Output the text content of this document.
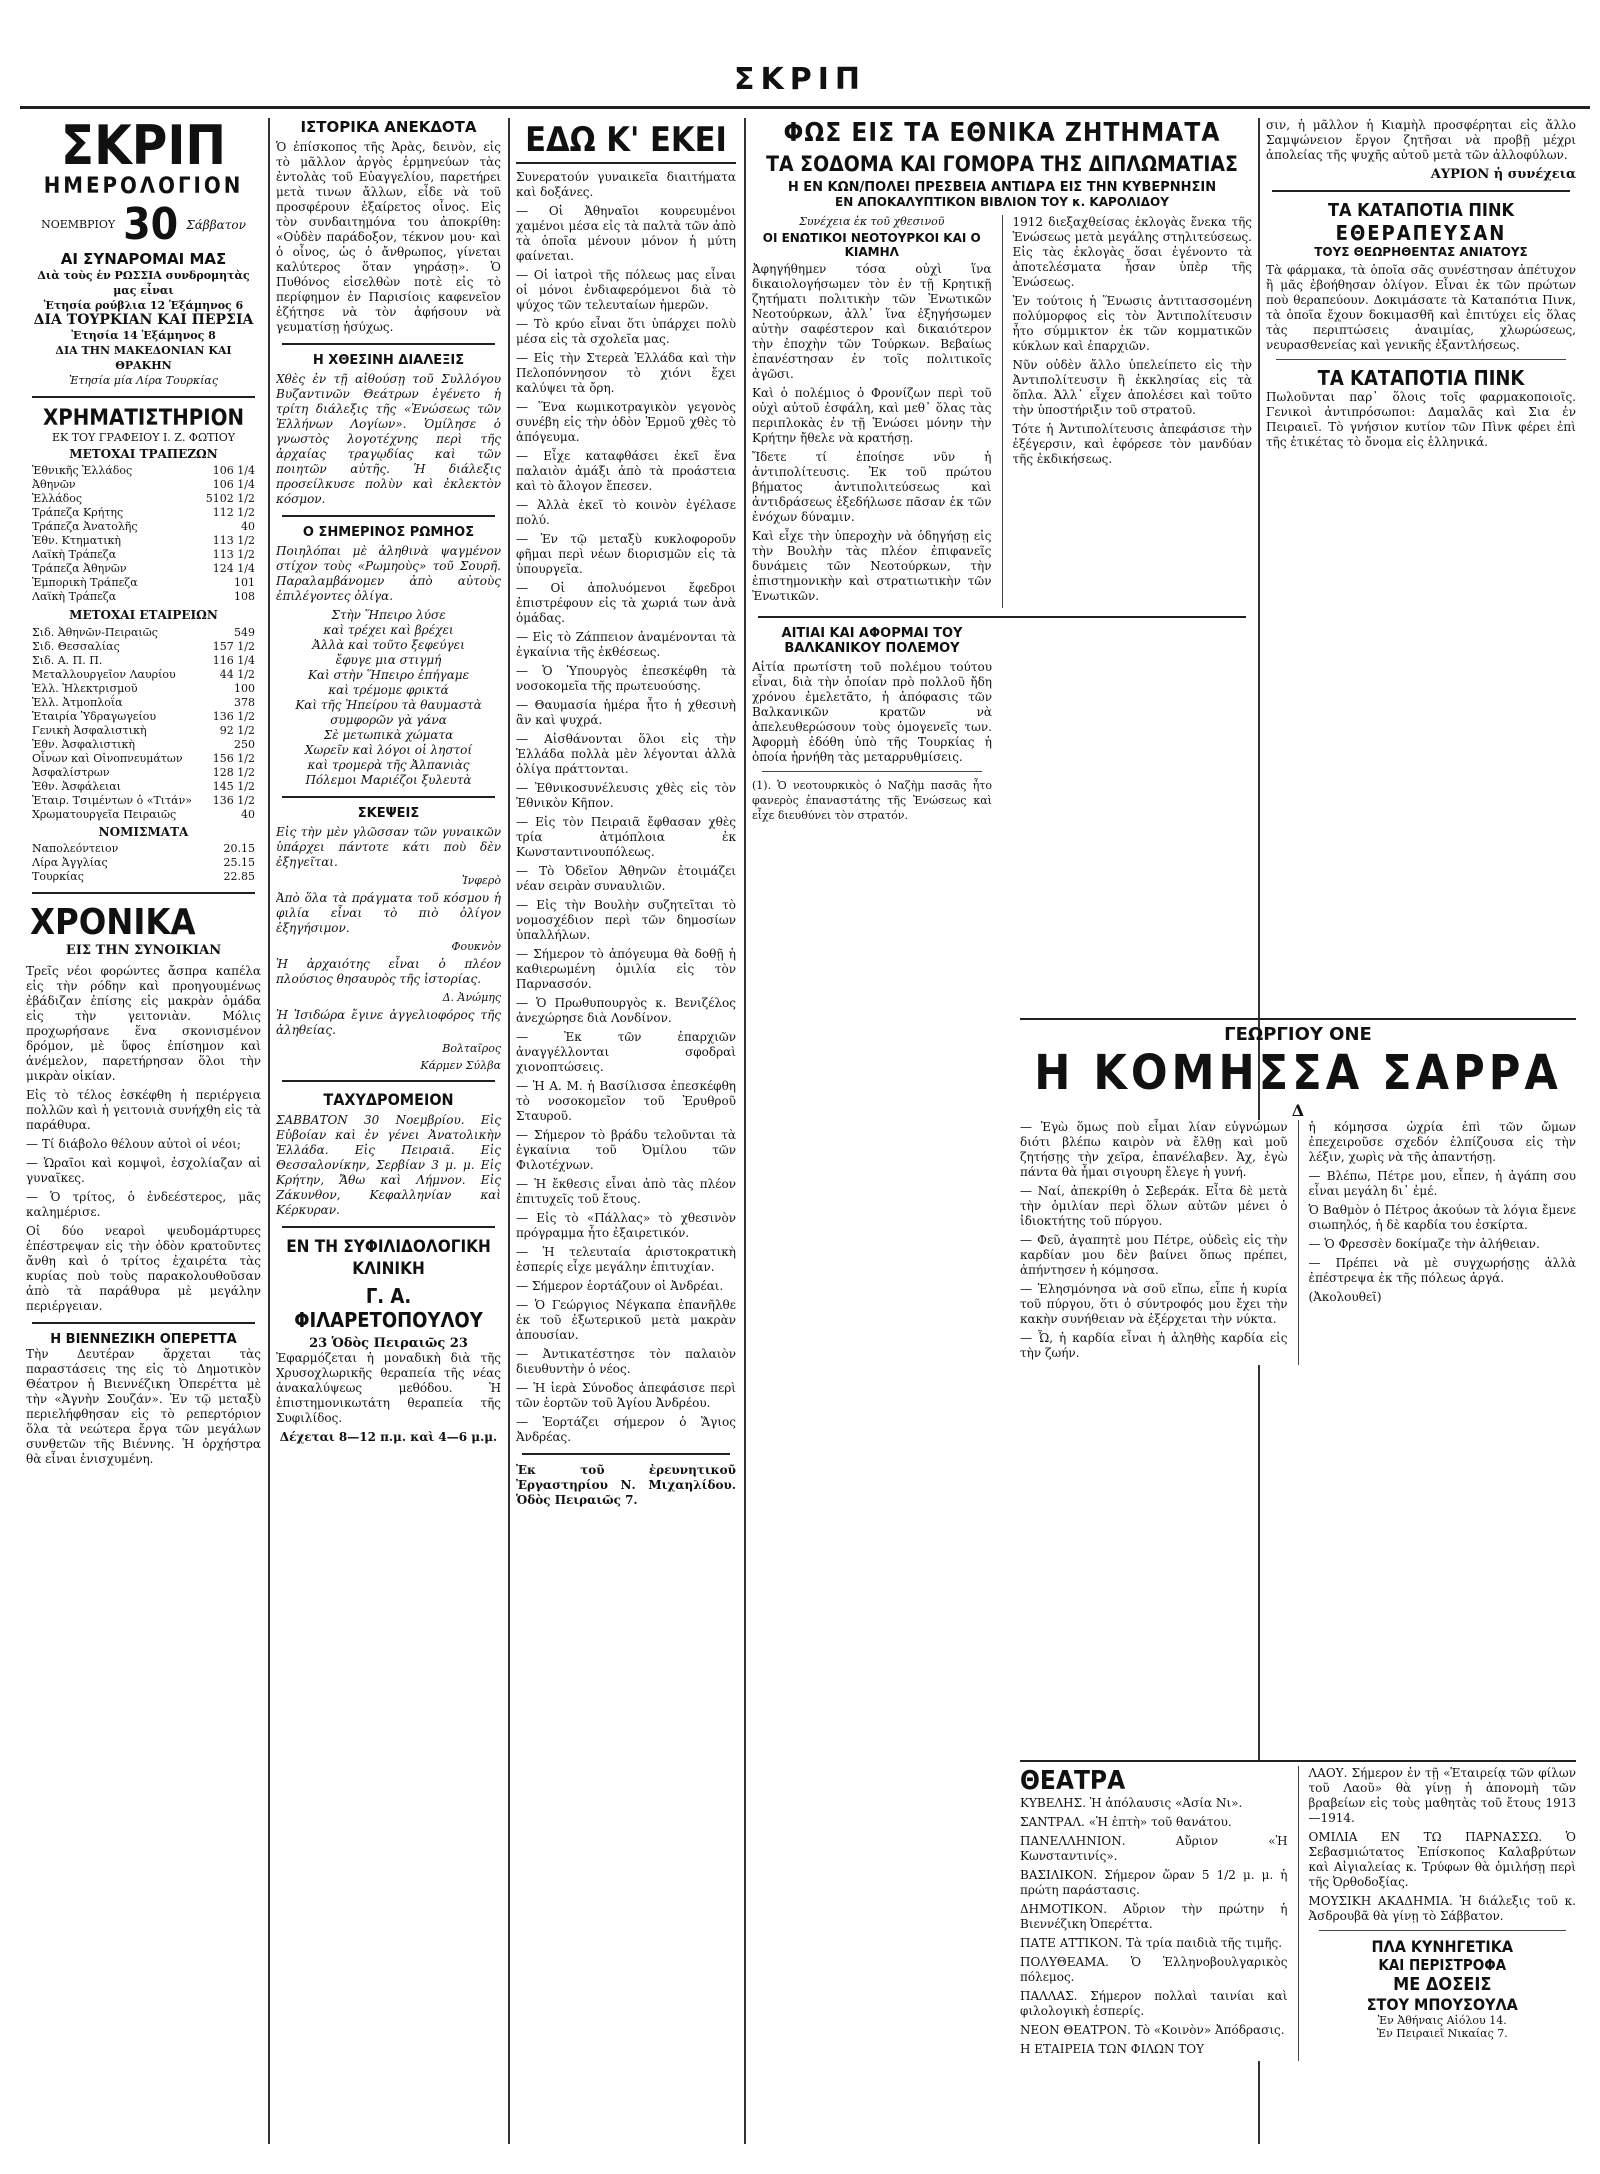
ΣΚΡΙΠ
ΣΚΡΙΠ
ΗΜΕΡΟΛΟΓΙΟΝ
ΝΟΕΜΒΡΙΟΥ 30 Σάββατον
ΑΙ ΣΥΝΑΡΟΜΑΙ ΜΑΣ
Διὰ τοὺς ἐν ΡΩΣΣΙΑ συνδρομητὰς μας εἶναι
Ἐτησία ρούβλια 12 Ἑξάμηνος 6
ΔΙΑ ΤΟΥΡΚΙΑΝ ΚΑΙ ΠΕΡΣΙΑ
Ἐτησία 14 Ἑξάμηνος 8
ΔΙΑ ΤΗΝ ΜΑΚΕΔΟΝΙΑΝ ΚΑΙ ΘΡΑΚΗΝ
Ἐτησία μία Λίρα Τουρκίας
ΧΡΗΜΑΤΙΣΤΗΡΙΟΝ
ΕΚ ΤΟΥ ΓΡΑΦΕΙΟΥ Ι. Ζ. ΦΩΤΙΟΥ
ΜΕΤΟΧΑΙ ΤΡΑΠΕΖΩΝ
Ἐθνικῆς Ἑλλάδος	106 1/4
Ἀθηνῶν	106 1/4
Ἑλλάδος	5102 1/2
Τράπεζα Κρήτης	112 1/2
Τράπεζα Ἀνατολῆς	40
Ἐθν. Κτηματικὴ	113 1/2
Λαϊκὴ Τράπεζα	113 1/2
Τράπεζα Ἀθηνῶν	124 1/4
Ἐμπορικὴ Τράπεζα	101
Λαϊκὴ Τράπεζα	108
ΜΕΤΟΧΑΙ ΕΤΑΙΡΕΙΩΝ
Σιδ. Ἀθηνῶν-Πειραιῶς	549
Σιδ. Θεσσαλίας	157 1/2
Σιδ. Α. Π. Π.	116 1/4
Μεταλλουργεῖον Λαυρίου	44 1/2
Ἑλλ. Ἠλεκτρισμοῦ	100
Ἑλλ. Ἀτμοπλοΐα	378
Ἑταιρία Ὑδραγωγείου	136 1/2
Γενικὴ Ἀσφαλιστικὴ	92 1/2
Ἐθν. Ἀσφαλιστικὴ	250
Οἶνων καὶ Οἰνοπνευμάτων	156 1/2
Ἀσφαλίστρων	128 1/2
Ἐθν. Ἀσφάλειαι	145 1/2
Ἐταιρ. Τσιμέντων ὁ «Τιτάν» 136 1/2
Χρωματουργεῖα Πειραιῶς	40
ΝΟΜΙΣΜΑΤΑ
Ναπολεόντειον	20.15
Λίρα Ἀγγλίας	25.15
Τουρκίας	22.85
ΧΡΟΝΙΚΑ
ΕΙΣ ΤΗΝ ΣΥΝΟΙΚΙΑΝ

Τρεῖς νέοι φορώντες ἄσπρα καπέλα εἰς τὴν ρόδην καὶ προηγουμένως ἐβάδιζαν ἐπίσης εἰς μακρὰν ὁμάδα εἰς τὴν γειτονιὰν. Μόλις προχωρήσανε ἕνα σκονισμένον δρόμον, μὲ ὕφος ἐπίσημον καὶ ἀνέμελον, παρετήρησαν ὅλοι τὴν μικρὰν οἰκίαν.

Εἰς τὸ τέλος ἐσκέφθη ἡ περιέργεια πολλῶν καὶ ἡ γειτονιὰ συνήχθη εἰς τὰ παράθυρα.

— Τί διάβολο θέλουν αὐτοὶ οἱ νέοι;

— Ὡραῖοι καὶ κομψοὶ, ἐσχολίαζαν αἱ γυναῖκες.

— Ὁ τρίτος, ὁ ἐνδεέστερος, μᾶς καλημέρισε.

Οἱ δύο νεαροὶ ψευδομάρτυρες ἐπέστρεψαν εἰς τὴν ὁδὸν κρατοῦντες ἄνθη καὶ ὁ τρίτος ἐχαιρέτα τὰς κυρίας ποὺ τοὺς παρακολουθοῦσαν ἀπὸ τὰ παράθυρα μὲ μεγάλην περιέργειαν.

Η ΒΙΕΝΝΕΖΙΚΗ ΟΠΕΡΕΤΤΑ

Τὴν Δευτέραν ἄρχεται τὰς παραστάσεις της εἰς τὸ Δημοτικὸν Θέατρον ἡ Βιεννέζικη Ὀπερέττα μὲ τὴν «Ἀγνὴν Σουζάν». Ἐν τῷ μεταξὺ περιελήφθησαν εἰς τὸ ρεπερτόριον ὅλα τὰ νεώτερα ἔργα τῶν μεγάλων συνθετῶν τῆς Βιέννης. Ἡ ὀρχήστρα θὰ εἶναι ἐνισχυμένη.

ΙΣΤΟΡΙΚΑ ΑΝΕΚΔΟΤΑ

Ὁ ἐπίσκοπος τῆς Ἀρὰς, δεινὸν, εἰς τὸ μᾶλλον ἀργὸς ἑρμηνεύων τὰς ἐντολὰς τοῦ Εὐαγγελίου, παρετήρει μετὰ τινων ἄλλων, εἶδε νὰ τοῦ προσφέρουν ἐξαίρετος οἶνος. Εἰς τὸν συνδαιτημόνα του ἀποκρίθη: «Οὐδὲν παράδοξον, τέκνον μου· καὶ ὁ οἶνος, ὡς ὁ ἄνθρωπος, γίνεται καλύτερος ὅταν γηράσῃ». Ὁ Πυθόνος εἰσελθὼν ποτὲ εἰς τὸ περίφημον ἐν Παρισίοις καφενεῖον ἐζήτησε νὰ τὸν ἀφήσουν νὰ γευματίσῃ ἡσύχως.

Η ΧΘΕΣΙΝΗ ΔΙΑΛΕΞΙΣ

Χθὲς ἐν τῇ αἰθούσῃ τοῦ Συλλόγου Βυζαντινῶν Θεάτρων ἐγένετο ἡ τρίτη διάλεξις τῆς «Ἑνώσεως τῶν Ἑλλήνων Λογίων». Ὁμίλησε ὁ γνωστὸς λογοτέχνης περὶ τῆς ἀρχαίας τραγῳδίας καὶ τῶν ποιητῶν αὐτῆς. Ἡ διάλεξις προσείλκυσε πολὺν καὶ ἐκλεκτὸν κόσμον.

Ο ΣΗΜΕΡΙΝΟΣ ΡΩΜΗΟΣ

Ποιηλόπαι μὲ ἀληθινὰ ψαγμένον στίχον τοὺς «Ρωμηοὺς» τοῦ Σουρῆ. Παραλαμβάνομεν ἀπὸ αὐτοὺς ἐπιλέγοντες ὀλίγα.

Στὴν Ἥπειρο λύσε

καὶ τρέχει καὶ βρέχει

Ἀλλὰ καὶ τοῦτο ξεφεύγει

ἔφυγε μια στιγμή

Καὶ στὴν Ἥπειρο ἐπήγαμε

καὶ τρέμομε φρικτά

Καὶ τῆς Ἠπείρου τὰ θαυμαστὰ

συμφορῶν γὰ γάνα

Σὲ μετωπικὰ χώματα

Χωρεῖν καὶ λόγοι οἱ ληστοί

καὶ τρομερὰ τῆς Ἀλπανιὰς

Πόλεμοι Μαριέζοι ξυλευτὰ

ΣΚΕΨΕΙΣ

Εἰς τὴν μὲν γλῶσσαν τῶν γυναικῶν ὑπάρχει πάντοτε κάτι ποὺ δὲν ἐξηγεῖται.

Ἰνφερὸ

Ἀπὸ ὅλα τὰ πράγματα τοῦ κόσμου ἡ φιλία εἶναι τὸ πιὸ ὀλίγον ἐξηγήσιμον.

Φουκνὸν

Ἡ ἀρχαιότης εἶναι ὁ πλέον πλούσιος θησαυρὸς τῆς ἱστορίας.

Δ. Ἀνώμης

Ἡ Ἰσιδώρα ἔγινε ἀγγελιοφόρος τῆς ἀληθείας.

Βολταῖρος
Κάρμεν Σύλβα
ΤΑΧΥΔΡΟΜΕΙΟΝ

ΣΑΒΒΑΤΟΝ 30 Νοεμβρίου. Εἰς Εὐβοίαν καὶ ἐν γένει Ἀνατολικὴν Ἑλλάδα. Εἰς Πειραιᾶ. Εἰς Θεσσαλονίκην, Σερβίαν 3 μ. μ. Εἰς Κρήτην, Ἄθω καὶ Λήμνον. Εἰς Ζάκυνθον, Κεφαλληνίαν καὶ Κέρκυραν.

ΕΝ ΤΗ ΣΥΦΙΛΙΔΟΛΟΓΙΚΗ ΚΛΙΝΙΚΗ
Γ. Α. ΦΙΛΑΡΕΤΟΠΟΥΛΟΥ
23 Ὁδὸς Πειραιῶς 23

Ἐφαρμόζεται ἡ μοναδικὴ διὰ τῆς Χρυσοχλωρικῆς θεραπεία τῆς νέας ἀνακαλύψεως μεθόδου. Ἡ ἐπιστημονικωτάτη θεραπεία τῆς Συφιλίδος.

Δέχεται 8—12 π.μ. καὶ 4—6 μ.μ.
ΕΔΩ Κ' ΕΚΕΙ

Συνερατούν γυναικεῖα διαιτήματα καὶ δοξάνες.

— Οἱ Ἀθηναῖοι κουρευμένοι χαμένοι μέσα εἰς τὰ παλτὰ τῶν ἀπὸ τὰ ὁποῖα μένουν μόνον ἡ μύτη φαίνεται.

— Οἱ ἰατροὶ τῆς πόλεως μας εἶναι οἱ μόνοι ἐνδιαφερόμενοι διὰ τὸ ψύχος τῶν τελευταίων ἡμερῶν.

— Τὸ κρύο εἶναι ὅτι ὑπάρχει πολὺ μέσα εἰς τὰ σχολεῖα μας.

— Εἰς τὴν Στερεὰ Ἑλλάδα καὶ τὴν Πελοπόννησον τὸ χιόνι ἔχει καλύψει τὰ ὄρη.

— Ἕνα κωμικοτραγικὸν γεγονὸς συνέβη εἰς τὴν ὁδὸν Ἑρμοῦ χθὲς τὸ ἀπόγευμα.

— Εἶχε καταφθάσει ἐκεῖ ἕνα παλαιὸν ἁμάξι ἀπὸ τὰ προάστεια καὶ τὸ ἄλογον ἔπεσεν.

— Ἀλλὰ ἐκεῖ τὸ κοινὸν ἐγέλασε πολύ.

— Ἐν τῷ μεταξὺ κυκλοφοροῦν φῆμαι περὶ νέων διορισμῶν εἰς τὰ ὑπουργεῖα.

— Οἱ ἀπολυόμενοι ἔφεδροι ἐπιστρέφουν εἰς τὰ χωριά των ἀνὰ ὁμάδας.

— Εἰς τὸ Ζάππειον ἀναμένονται τὰ ἐγκαίνια τῆς ἐκθέσεως.

— Ὁ Ὑπουργὸς ἐπεσκέφθη τὰ νοσοκομεῖα τῆς πρωτευούσης.

— Θαυμασία ἡμέρα ἦτο ἡ χθεσινὴ ἂν καὶ ψυχρά.

— Αἰσθάνονται ὅλοι εἰς τὴν Ἑλλάδα πολλὰ μὲν λέγονται ἀλλὰ ὀλίγα πράττονται.

— Ἐθνικοσυνέλευσις χθὲς εἰς τὸν Ἐθνικὸν Κῆπον.

— Εἰς τὸν Πειραιᾶ ἔφθασαν χθὲς τρία ἀτμόπλοια ἐκ Κωνσταντινουπόλεως.

— Τὸ Ὀδεῖον Ἀθηνῶν ἐτοιμάζει νέαν σειρὰν συναυλιῶν.

— Εἰς τὴν Βουλὴν συζητεῖται τὸ νομοσχέδιον περὶ τῶν δημοσίων ὑπαλλήλων.

— Σήμερον τὸ ἀπόγευμα θὰ δοθῇ ἡ καθιερωμένη ὁμιλία εἰς τὸν Παρνασσόν.

— Ὁ Πρωθυπουργὸς κ. Βενιζέλος ἀνεχώρησε διὰ Λονδίνον.

— Ἐκ τῶν ἐπαρχιῶν ἀναγγέλλονται σφοδραὶ χιονοπτώσεις.

— Ἡ Α. Μ. ἡ Βασίλισσα ἐπεσκέφθη τὸ νοσοκομεῖον τοῦ Ἐρυθροῦ Σταυροῦ.

— Σήμερον τὸ βράδυ τελοῦνται τὰ ἐγκαίνια τοῦ Ὀμίλου τῶν Φιλοτέχνων.

— Ἡ ἔκθεσις εἶναι ἀπὸ τὰς πλέον ἐπιτυχεῖς τοῦ ἔτους.

— Εἰς τὸ «Πάλλας» τὸ χθεσινὸν πρόγραμμα ἦτο ἐξαιρετικόν.

— Ἡ τελευταία ἀριστοκρατικὴ ἑσπερίς εἶχε μεγάλην ἐπιτυχίαν.

— Σήμερον ἑορτάζουν οἱ Ἀνδρέαι.

— Ὁ Γεώργιος Νέγκαπα ἐπανῆλθε ἐκ τοῦ ἐξωτερικοῦ μετὰ μακρὰν ἀπουσίαν.

— Ἀντικατέστησε τὸν παλαιὸν διευθυντὴν ὁ νέος.

— Ἡ ἱερὰ Σύνοδος ἀπεφάσισε περὶ τῶν ἑορτῶν τοῦ Ἁγίου Ἀνδρέου.

— Ἑορτάζει σήμερον ὁ Ἅγιος Ἀνδρέας.

Ἐκ τοῦ ἐρευνητικοῦ Ἐργαστηρίου Ν. Μιχαηλίδου. Ὁδὸς Πειραιῶς 7.

ΦΩΣ ΕΙΣ ΤΑ ΕΘΝΙΚΑ ΖΗΤΗΜΑΤΑ
ΤΑ ΣΟΔΟΜΑ ΚΑΙ ΓΟΜΟΡΑ ΤΗΣ ΔΙΠΛΩΜΑΤΙΑΣ
Η ΕΝ ΚΩΝ/ΠΟΛΕΙ ΠΡΕΣΒΕΙΑ ΑΝΤΙΔΡΑ ΕΙΣ ΤΗΝ ΚΥΒΕΡΝΗΣΙΝ
ΕΝ ΑΠΟΚΑΛΥΠΤΙΚΟΝ ΒΙΒΛΙΟΝ ΤΟΥ κ. ΚΑΡΟΛΙΔΟΥ
Συνέχεια ἐκ τοῦ χθεσινοῦ
ΟΙ ΕΝΩΤΙΚΟΙ ΝΕΟΤΟΥΡΚΟΙ ΚΑΙ Ο ΚΙΑΜΗΛ

Ἀφηγήθημεν τόσα οὐχὶ ἵνα δικαιολογήσωμεν τὸν ἐν τῇ Κρητικῇ ζητήματι πολιτικὴν τῶν Ἐνωτικῶν Νεοτούρκων, ἀλλ᾽ ἵνα ἐξηγήσωμεν αὐτὴν σαφέστερον καὶ δικαιότερον τὴν ἐποχὴν τῶν Τούρκων. Βεβαίως ἐπανέστησαν ἐν τοῖς πολιτικοῖς ἀγῶσι.

Καὶ ὁ πολέμιος ὁ Φρονίζων περὶ τοῦ οὐχὶ αὐτοῦ ἐσφάλη, καὶ μεθ᾽ ὅλας τὰς περιπλοκὰς ἐν τῇ Ἑνώσει μόνην τὴν Κρήτην ἤθελε νὰ κρατήσῃ.

Ἴδετε τί ἐποίησε νῦν ἡ ἀντιπολίτευσις. Ἐκ τοῦ πρώτου βήματος ἀντιπολιτεύσεως καὶ ἀντιδράσεως ἐξεδήλωσε πᾶσαν ἐκ τῶν ἐνόχων δύναμιν.

Καὶ εἶχε τὴν ὑπεροχὴν νὰ ὁδηγήσῃ εἰς τὴν Βουλὴν τὰς πλέον ἐπιφανεῖς δυνάμεις τῶν Νεοτούρκων, τὴν ἐπιστημονικὴν καὶ στρατιωτικὴν τῶν Ἐνωτικῶν.

1912 διεξαχθείσας ἐκλογὰς ἔνεκα τῆς Ἑνώσεως μετὰ μεγάλης στηλιτεύσεως. Εἰς τὰς ἐκλογὰς ὅσαι ἐγένοντο τὰ ἀποτελέσματα ἦσαν ὑπὲρ τῆς Ἑνώσεως.

Ἐν τούτοις ἡ Ἕνωσις ἀντιτασσομένη πολύμορφος εἰς τὸν Ἀντιπολίτευσιν ἦτο σύμμικτον ἐκ τῶν κομματικῶν κύκλων καὶ ἐπαρχιῶν.

Νῦν οὐδὲν ἄλλο ὑπελείπετο εἰς τὴν Ἀντιπολίτευσιν ἢ ἐκκλησίας εἰς τὰ ὅπλα. Ἀλλ᾽ εἶχεν ἀπολέσει καὶ τοῦτο τὴν ὑποστήριξιν τοῦ στρατοῦ.

Τότε ἡ Ἀντιπολίτευσις ἀπεφάσισε τὴν ἐξέγερσιν, καὶ ἐφόρεσε τὸν μανδύαν τῆς ἐκδικήσεως.

ΑΙΤΙΑΙ ΚΑΙ ΑΦΟΡΜΑΙ ΤΟΥ ΒΑΛΚΑΝΙΚΟΥ ΠΟΛΕΜΟΥ

Αἰτία πρωτίστη τοῦ πολέμου τούτου εἶναι, διὰ τὴν ὁποίαν πρὸ πολλοῦ ἤδη χρόνου ἐμελετᾶτο, ἡ ἀπόφασις τῶν Βαλκανικῶν κρατῶν νὰ ἀπελευθερώσουν τοὺς ὁμογενεῖς των. Ἀφορμὴ ἐδόθη ὑπὸ τῆς Τουρκίας ἡ ὁποία ἠρνήθη τὰς μεταρρυθμίσεις.

(1). Ὁ νεοτουρκικὸς ὁ Ναζὴμ πασᾶς ἦτο φανερὸς ἐπαναστάτης τῆς Ἑνώσεως καὶ εἶχε διευθύνει τὸν στρατόν.

σιν, ἡ μᾶλλον ἡ Κιαμὴλ προσφέρηται εἰς ἄλλο Σαμψώνειον ἔργον ζητῆσαι νὰ προβῇ μέχρι ἀπολείας τῆς ψυχῆς αὐτοῦ μετὰ τῶν ἀλλοφύλων.

ΑΥΡΙΟΝ ἡ συνέχεια
ΤΑ ΚΑΤΑΠΟΤΙΑ ΠΙΝΚ
ΕΘΕΡΑΠΕΥΣΑΝ
ΤΟΥΣ ΘΕΩΡΗΘΕΝΤΑΣ ΑΝΙΑΤΟΥΣ

Τὰ φάρμακα, τὰ ὁποῖα σᾶς συνέστησαν ἀπέτυχον ἢ μᾶς ἐβοήθησαν ὀλίγον. Εἶναι ἐκ τῶν πρώτων ποὺ θεραπεύουν. Δοκιμάσατε τὰ Καταπότια Πινκ, τὰ ὁποῖα ἔχουν δοκιμασθῆ καὶ ἐπιτύχει εἰς ὅλας τὰς περιπτώσεις ἀναιμίας, χλωρώσεως, νευρασθενείας καὶ γενικῆς ἐξαντλήσεως.

ΤΑ ΚΑΤΑΠΟΤΙΑ ΠΙΝΚ

Πωλοῦνται παρ᾽ ὅλοις τοῖς φαρμακοποιοῖς. Γενικοὶ ἀντιπρόσωποι: Δαμαλᾶς καὶ Σια ἐν Πειραιεῖ. Τὸ γνήσιον κυτίον τῶν Πὶνκ φέρει ἐπὶ τῆς ἐτικέτας τὸ ὄνομα εἰς ἑλληνικά.

ΓΕΩΡΓΙΟΥ ΟΝΕ
Η ΚΟΜΗΣΣΑ ΣΑΡΡΑ
Δ

— Ἐγὼ ὅμως ποὺ εἶμαι λίαν εὐγνώμων διότι βλέπω καιρὸν νὰ ἔλθῃ καὶ μοῦ ζητήσῃς τὴν χεῖρα, ἐπανέλαβεν. Ἀχ, ἐγὼ πάντα θὰ ἦμαι σιγουρη ἔλεγε ἡ γυνή.

— Ναί, ἀπεκρίθη ὁ Σεβεράκ. Εἶτα δὲ μετὰ τὴν ὁμιλίαν περὶ ὅλων αὐτῶν μένει ὁ ἰδιοκτήτης τοῦ πύργου.

— Φεῦ, ἀγαπητὲ μου Πέτρε, οὐδεὶς εἰς τὴν καρδίαν μου δὲν βαίνει ὅπως πρέπει, ἀπήντησεν ἡ κόμησσα.

— Ἐλησμόνησα νὰ σοῦ εἴπω, εἶπε ἡ κυρία τοῦ πύργου, ὅτι ὁ σύντροφός μου ἔχει τὴν κακὴν συνήθειαν νὰ ἐξέρχεται τὴν νύκτα.

— Ὦ, ἡ καρδία εἶναι ἡ ἀληθὴς καρδία εἰς τὴν ζωήν.

ἡ κόμησσα ὠχρία ἐπὶ τῶν ὤμων ἐπεχειροῦσε σχεδόν ἐλπίζουσα εἰς τὴν λέξιν, χωρὶς νὰ τῆς ἀπαντήσῃ.

— Βλέπω, Πέτρε μου, εἶπεν, ἡ ἀγάπη σου εἶναι μεγάλη δι᾽ ἐμέ.

Ὁ Βαθμὸν ὁ Πέτρος ἀκούων τὰ λόγια ἔμενε σιωπηλός, ἡ δὲ καρδία του ἐσκίρτα.

— Ὁ Φρεσσὲν δοκίμαζε τὴν ἀλήθειαν.

— Πρέπει νὰ μὲ συγχωρήσῃς ἀλλὰ ἐπέστρεψα ἐκ τῆς πόλεως ἀργά.

(Ἀκολουθεῖ)

ΘΕΑΤΡΑ

ΚΥΒΕΛΗΣ. Ἡ ἀπόλαυσις «Ἀσία Νι».

ΣΑΝΤΡΑΛ. «Ἡ ἐπτὴ» τοῦ θανάτου.

ΠΑΝΕΛΛΗΝΙΟΝ. Αὔριον «Ἡ Κωνσταντινίς».

ΒΑΣΙΛΙΚΟΝ. Σήμερον ὥραν 5 1/2 μ. μ. ἡ πρώτη παράστασις.

ΔΗΜΟΤΙΚΟΝ. Αὔριον τὴν πρώτην ἡ Βιεννέζικη Ὀπερέττα.

ΠΑΤΕ ΑΤΤΙΚΟΝ. Τὰ τρία παιδιὰ τῆς τιμῆς.

ΠΟΛΥΘΕΑΜΑ. Ὁ Ἐλληνοβουλγαρικὸς πόλεμος.

ΠΑΛΛΑΣ. Σήμερον πολλαὶ ταινίαι καὶ φιλολογικὴ ἑσπερίς.

ΝΕΟΝ ΘΕΑΤΡΟΝ. Τὸ «Κοινὸν» Ἀπόδρασις.

Η ΕΤΑΙΡΕΙΑ ΤΩΝ ΦΙΛΩΝ ΤΟΥ

ΛΑΟΥ. Σήμερον ἐν τῇ «Ἑταιρείᾳ τῶν φίλων τοῦ Λαοῦ» θὰ γίνῃ ἡ ἀπονομὴ τῶν βραβείων εἰς τοὺς μαθητὰς τοῦ ἔτους 1913—1914.

ΟΜΙΛΙΑ ΕΝ ΤΩ ΠΑΡΝΑΣΣΩ. Ὁ Σεβασμιώτατος Ἐπίσκοπος Καλαβρύτων καὶ Αἰγιαλείας κ. Τρύφων θὰ ὁμιλήσῃ περὶ τῆς Ὀρθοδοξίας.

ΜΟΥΣΙΚΗ ΑΚΑΔΗΜΙΑ. Ἡ διάλεξις τοῦ κ. Ἀσδρουβᾶ θὰ γίνῃ τὸ Σάββατον.

ΠΛΑ ΚΥΝΗΓΕΤΙΚΑ
ΚΑΙ ΠΕΡΙΣΤΡΟΦΑ
ΜΕ ΔΟΣΕΙΣ
ΣΤΟΥ ΜΠΟΥΣΟΥΛΑ
Ἐν Ἀθήναις Αἰόλου 14.
Ἐν Πειραιεῖ Νικαίας 7.
